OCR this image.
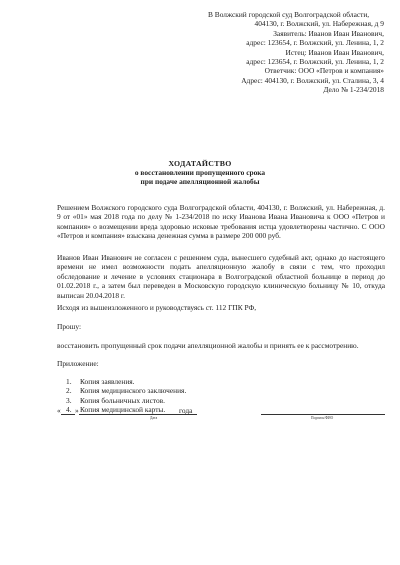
В Волжский городской суд Волгоградской области,
404130, г. Волжский, ул. Набережная, д 9
Заявитель: Иванов Иван Иванович,
адрес: 123654, г. Волжский, ул. Ленина, 1, 2
Истец: Иванов Иван Иванович,
адрес: 123654, г. Волжский, ул. Ленина, 1, 2
Ответчик: ООО «Петров и компания»
Адрес: 404130, г. Волжский, ул. Сталина, 3, 4
Дело № 1-234/2018
ХОДАТАЙСТВО
о восстановлении пропущенного срока
при подаче апелляционной жалобы
Решением Волжского городского суда Волгоградской области, 404130, г. Волжский, ул. Набережная, д. 9 от «01» мая 2018 года по делу № 1-234/2018 по иску Иванова Ивана Ивановича к ООО «Петров и компания» о возмещении вреда здоровью исковые требования истца удовлетворены частично. С ООО «Петров и компания» взыскана денежная сумма в размере 200 000 руб.
Иванов Иван Иванович не согласен с решением суда, вынесшего судебный акт, однако до настоящего времени не имел возможности подать апелляционную жалобу в связи с тем, что проходил обследование и лечение в условиях стационара в Волгоградской областной больнице в период до 01.02.2018 г., а затем был переведен в Московскую городскую клиническую больницу № 10, откуда выписан 20.04.2018 г.
Исходя из вышеизложенного и руководствуясь ст. 112 ГПК РФ,
Прошу:
восстановить пропущенный срок подачи апелляционной жалобы и принять ее к рассмотрению.
Приложение:
1.	Копия заявления.
2.	Копия медицинского заключения.
3.	Копия больничных листов.
4.	Копия медицинской карты.
« »	года
Дата	Подпись/ФИО
